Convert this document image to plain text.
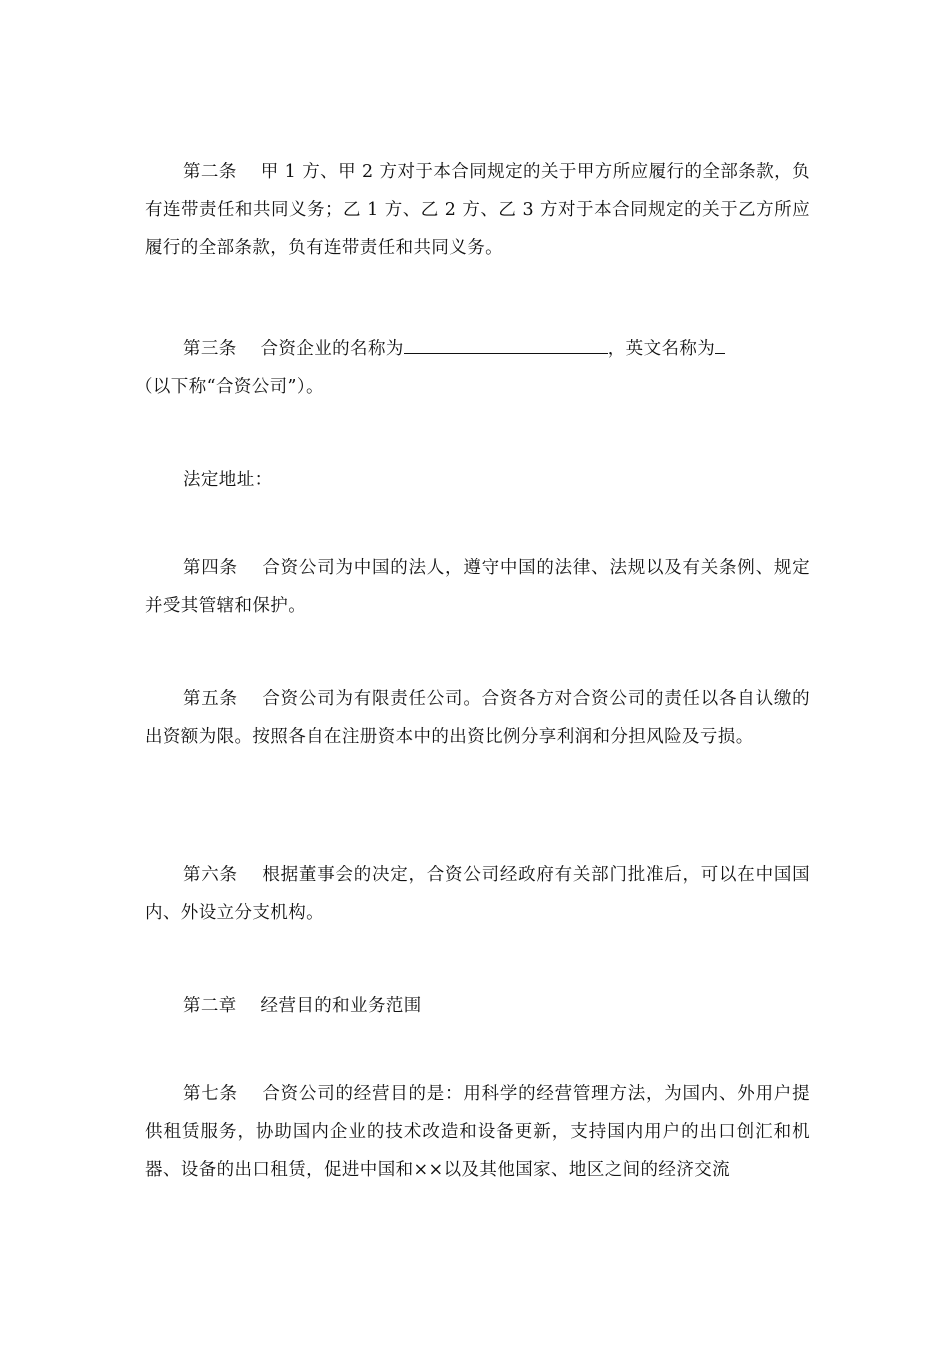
第二条　 甲 1 方、甲 2 方对于本合同规定的关于甲方所应履行的全部条款，负有连带责任和共同义务；乙 1 方、乙 2 方、乙 3 方对于本合同规定的关于乙方所应履行的全部条款，负有连带责任和共同义务。

第三条　 合资企业的名称为	，英文名称为
（以下称“合资公司”）。

法定地址：

第四条　 合资公司为中国的法人，遵守中国的法律、法规以及有关条例、规定并受其管辖和保护。

第五条　 合资公司为有限责任公司。合资各方对合资公司的责任以各自认缴的出资额为限。按照各自在注册资本中的出资比例分享利润和分担风险及亏损。

第六条　 根据董事会的决定，合资公司经政府有关部门批准后，可以在中国国内、外设立分支机构。

第二章　 经营目的和业务范围

第七条　 合资公司的经营目的是：用科学的经营管理方法，为国内、外用户提供租赁服务，协助国内企业的技术改造和设备更新，支持国内用户的出口创汇和机器、设备的出口租赁，促进中国和××以及其他国家、地区之间的经济交流
